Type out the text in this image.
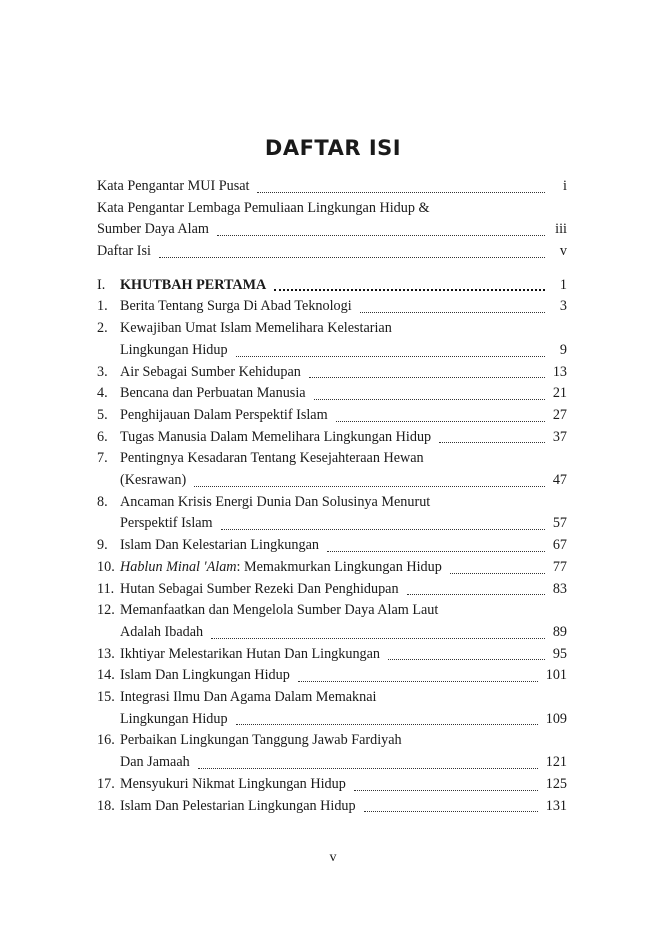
DAFTAR ISI
Kata Pengantar MUI Pusat	i
Kata Pengantar Lembaga Pemuliaan Lingkungan Hidup &
Sumber Daya Alam	iii
Daftar Isi	v
I.	KHUTBAH PERTAMA	1
1. Berita Tentang Surga Di Abad Teknologi	3
2. Kewajiban Umat Islam Memelihara Kelestarian
Lingkungan Hidup	9
3. Air Sebagai Sumber Kehidupan	13
4. Bencana dan Perbuatan Manusia	21
5. Penghijauan Dalam Perspektif Islam	27
6. Tugas Manusia Dalam Memelihara Lingkungan Hidup	37
7. Pentingnya Kesadaran Tentang Kesejahteraan Hewan
(Kesrawan)	47
8. Ancaman Krisis Energi Dunia Dan Solusinya Menurut
Perspektif Islam	57
9. Islam Dan Kelestarian Lingkungan	67
10. Hablun Minal 'Alam: Memakmurkan Lingkungan Hidup	77
11. Hutan Sebagai Sumber Rezeki Dan Penghidupan	83
12. Memanfaatkan dan Mengelola Sumber Daya Alam Laut
Adalah Ibadah	89
13. Ikhtiyar Melestarikan Hutan Dan Lingkungan	95
14. Islam Dan Lingkungan Hidup	101
15. Integrasi Ilmu Dan Agama Dalam Memaknai
Lingkungan Hidup	109
16. Perbaikan Lingkungan Tanggung Jawab Fardiyah
Dan Jamaah	121
17. Mensyukuri Nikmat Lingkungan Hidup	125
18. Islam Dan Pelestarian Lingkungan Hidup	131
v
